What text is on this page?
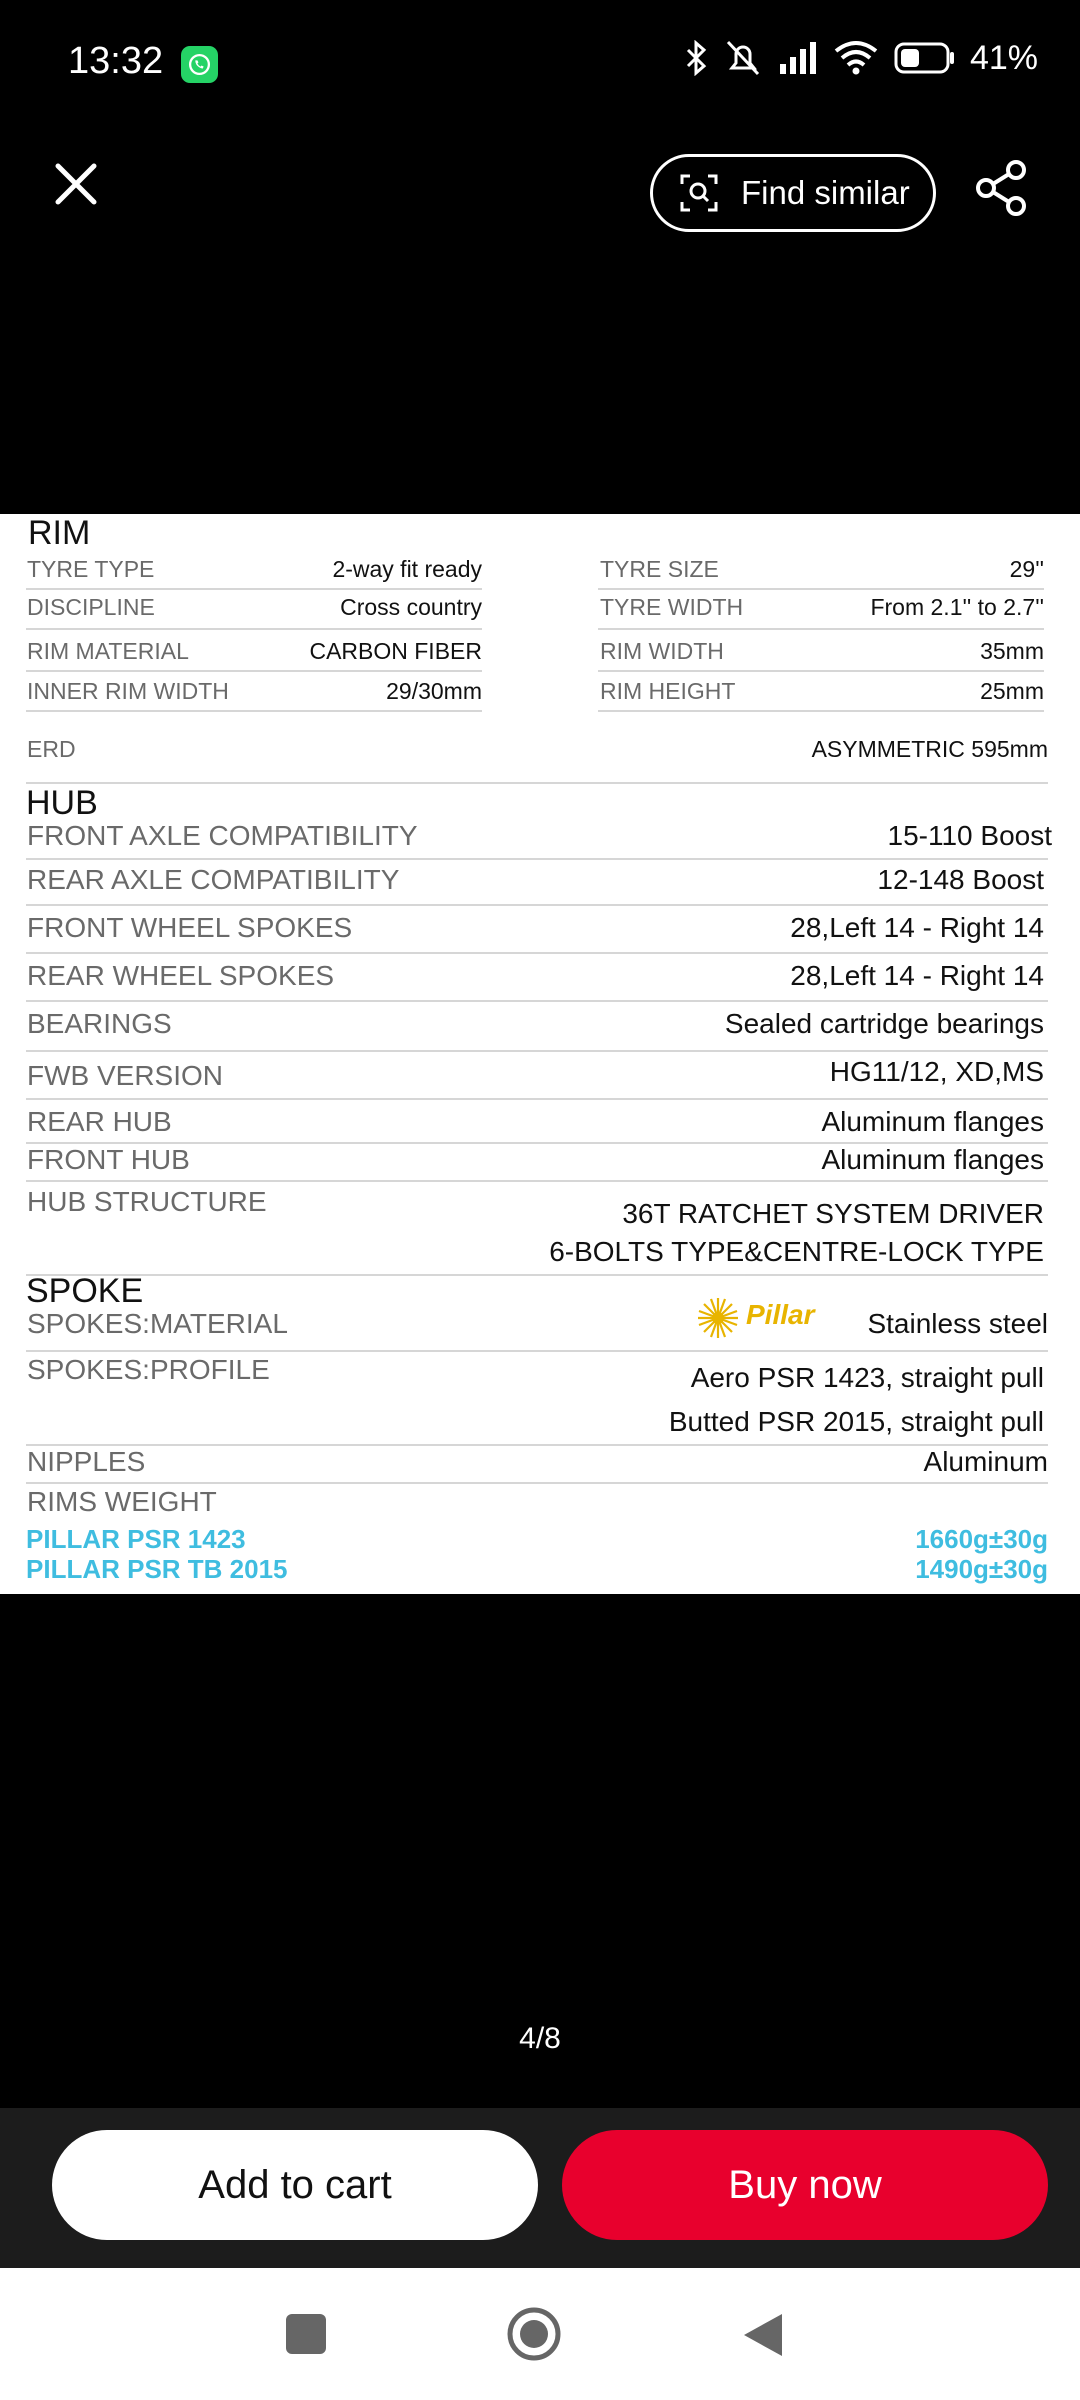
13:32	41%
Find similar
RIM
TYRE TYPE	2-way fit ready	TYRE SIZE	29''
DISCIPLINE	Cross country	TYRE WIDTH	From 2.1'' to 2.7''
RIM MATERIAL	CARBON FIBER	RIM WIDTH	35mm
INNER RIM WIDTH	29/30mm	RIM HEIGHT	25mm
ERD	ASYMMETRIC 595mm
HUB
FRONT AXLE COMPATIBILITY	15-110 Boost
REAR AXLE COMPATIBILITY	12-148 Boost
FRONT WHEEL SPOKES	28,Left 14 - Right 14
REAR WHEEL SPOKES	28,Left 14 - Right 14
BEARINGS	Sealed cartridge bearings
FWB VERSION	HG11/12, XD,MS
REAR HUB	Aluminum flanges
FRONT HUB	Aluminum flanges
HUB STRUCTURE	36T RATCHET SYSTEM DRIVER
6-BOLTS TYPE&CENTRE-LOCK TYPE
SPOKE
SPOKES:MATERIAL	Pillar Stainless steel
SPOKES:PROFILE	Aero PSR 1423, straight pull
Butted PSR 2015, straight pull
NIPPLES	Aluminum
RIMS WEIGHT
PILLAR PSR 1423	1660g±30g
PILLAR PSR TB 2015	1490g±30g
4/8
Add to cart	Buy now
